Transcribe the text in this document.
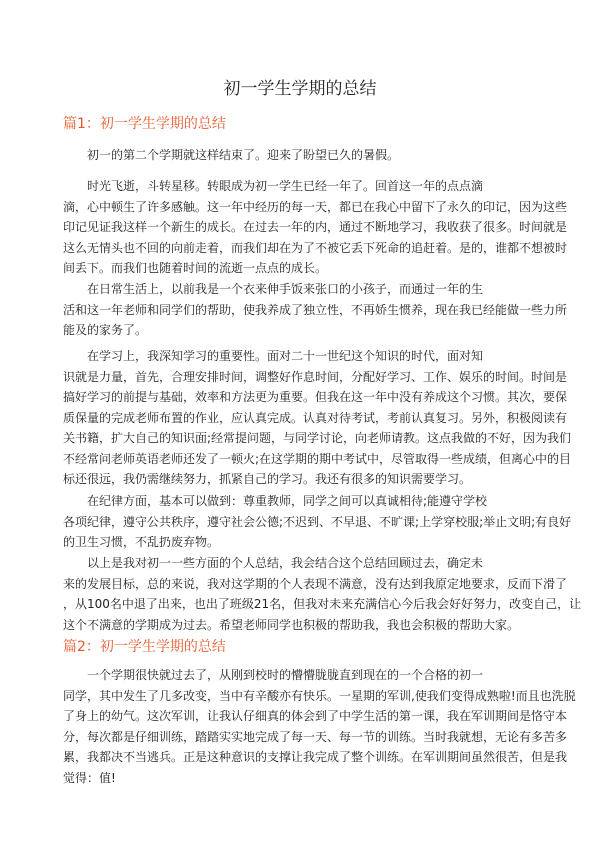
初一学生学期的总结
篇1：初一学生学期的总结

初一的第二个学期就这样结束了。迎来了盼望已久的暑假。

时光飞逝，斗转星移。转眼成为初一学生已经一年了。回首这一年的点点滴
滴，心中顿生了许多感触。这一年中经历的每一天，都已在我心中留下了永久的印记，因为这些
印记见证我这样一个新生的成长。在过去一年的内，通过不断地学习，我收获了很多。时间就是
这么无情头也不回的向前走着，而我们却在为了不被它丢下死命的追赶着。是的，谁都不想被时
间丢下。而我们也随着时间的流逝一点点的成长。

在日常生活上，以前我是一个衣来伸手饭来张口的小孩子，而通过一年的生
活和这一年老师和同学们的帮助，使我养成了独立性，不再娇生惯养，现在我已经能做一些力所
能及的家务了。

在学习上，我深知学习的重要性。面对二十一世纪这个知识的时代，面对知
识就是力量，首先，合理安排时间，调整好作息时间，分配好学习、工作、娱乐的时间。时间是
搞好学习的前提与基础，效率和方法更为重要。但我在这一年中没有养成这个习惯。其次，要保
质保量的完成老师布置的作业，应认真完成。认真对待考试，考前认真复习。另外，积极阅读有
关书籍，扩大自己的知识面;经常提问题，与同学讨论，向老师请教。这点我做的不好，因为我们
不经常问老师英语老师还发了一顿火;在这学期的期中考试中，尽管取得一些成绩，但离心中的目
标还很远，我仍需继续努力，抓紧自己的学习。我还有很多的知识需要学习。

在纪律方面，基本可以做到：尊重教师，同学之间可以真诚相待;能遵守学校
各项纪律，遵守公共秩序，遵守社会公德;不迟到、不早退、不旷课;上学穿校服;举止文明;有良好
的卫生习惯，不乱扔废弃物。

以上是我对初一一些方面的个人总结，我会结合这个总结回顾过去，确定未
来的发展目标，总的来说，我对这学期的个人表现不满意，没有达到我原定地要求，反而下滑了
，从100名中退了出来，也出了班级21名，但我对未来充满信心今后我会好好努力，改变自己，让
这个不满意的学期成为过去。希望老师同学也积极的帮助我，我也会积极的帮助大家。

篇2：初一学生学期的总结

一个学期很快就过去了，从刚到校时的懵懵胧胧直到现在的一个合格的初一
同学，其中发生了几多改变，当中有辛酸亦有快乐。一星期的军训,使我们变得成熟啦!而且也洗脱
了身上的幼气。这次军训，让我认仔细真的体会到了中学生活的第一课，我在军训期间是恪守本
分，每次都是仔细训练，踏踏实实地完成了每一天、每一节的训练。当时我就想，无论有多苦多
累，我都决不当逃兵。正是这种意识的支撑让我完成了整个训练。在军训期间虽然很苦，但是我
觉得：值!
